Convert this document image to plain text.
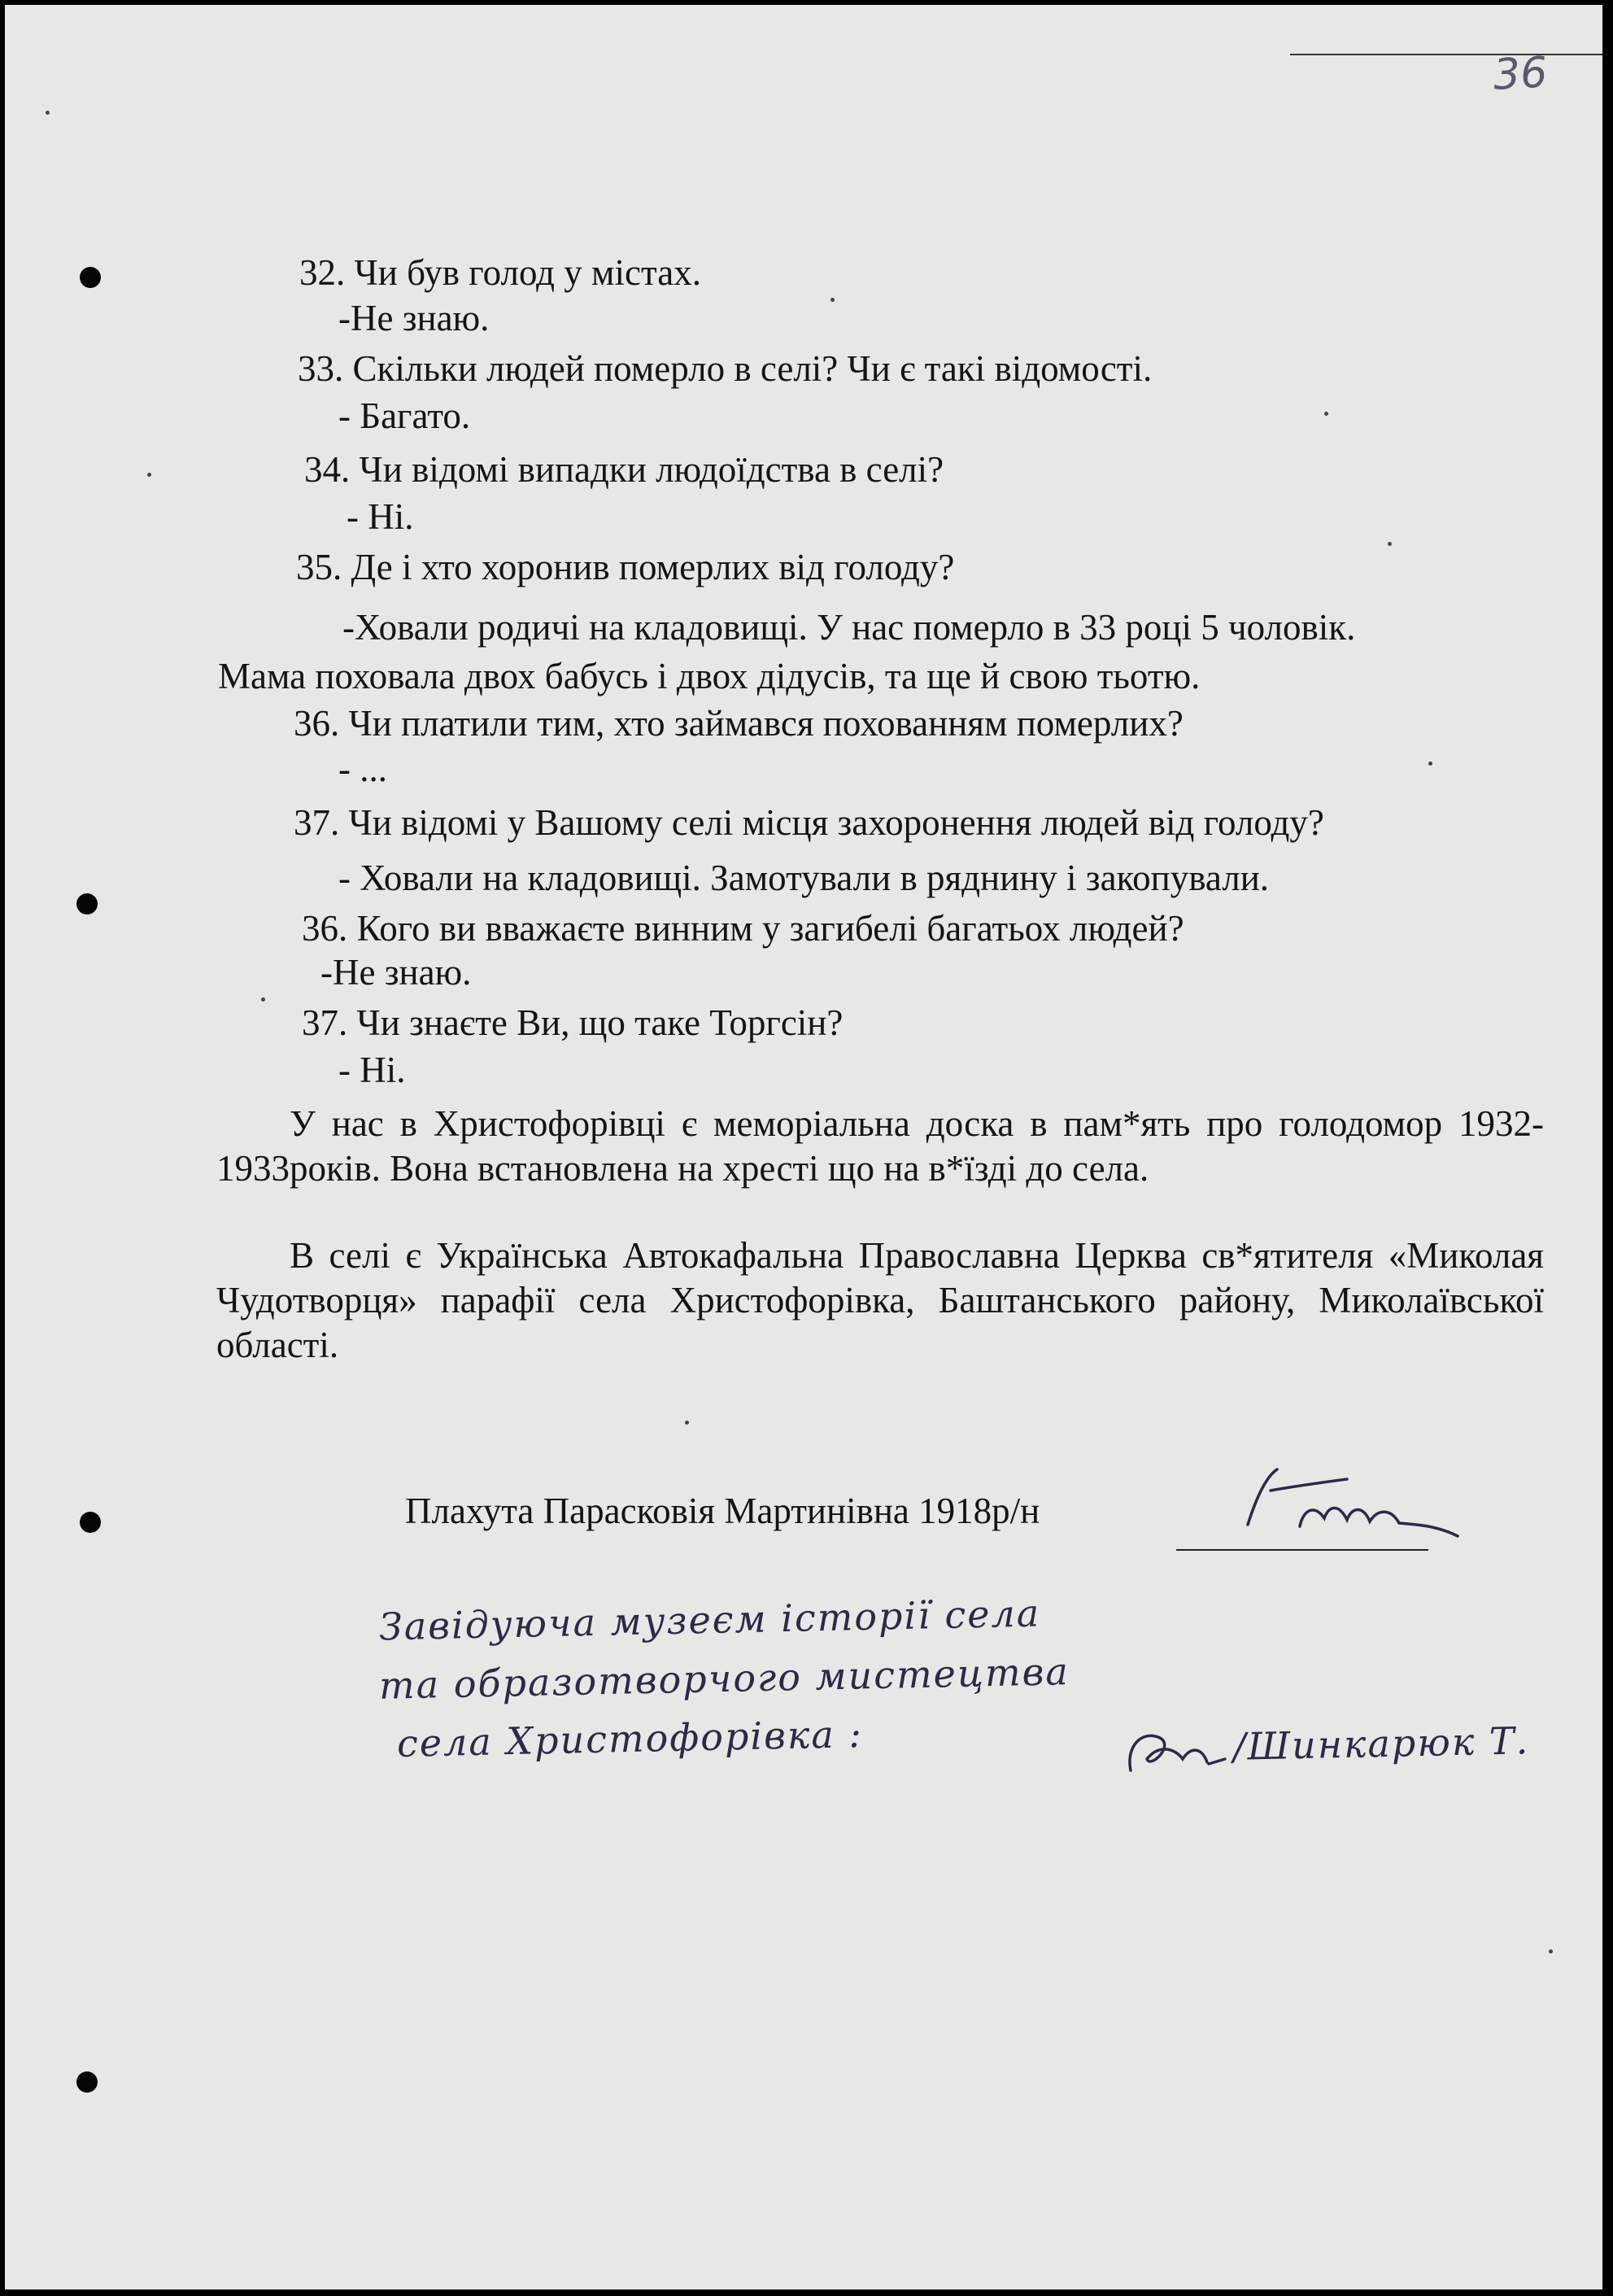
36
32. Чи був голод у містах.
-Не знаю.
33. Скільки людей померло в селі? Чи є такі відомості.
- Багато.
34. Чи відомі випадки людоїдства в селі?
- Ні.
35. Де і хто хоронив померлих від голоду?
-Ховали родичі на кладовищі. У нас померло в 33 році 5 чоловік.
Мама поховала двох бабусь і двох дідусів, та ще й свою тьотю.
36. Чи платили тим, хто займався похованням померлих?
- ...
37. Чи відомі у Вашому селі місця захоронення людей від голоду?
- Ховали на кладовищі. Замотували в ряднину і закопували.
36. Кого ви вважаєте винним у загибелі багатьох людей?
-Не знаю.
37. Чи знаєте Ви, що таке Торгсін?
- Ні.
У нас в Христофорівці є меморіальна доска в пам*ять про голодомор 1932-1933років. Вона встановлена на хресті що на в*їзді до села.
В селі є Українська Автокафальна Православна Церква св*ятителя «Миколая Чудотворця» парафії села Христофорівка, Баштанського району, Миколаївської області.
Плахута Парасковія Мартинівна 1918р/н
Завідуюча музеєм історії села
та образотворчого мистецтва
села Христофорівка :	/Шинкарюк Т.
